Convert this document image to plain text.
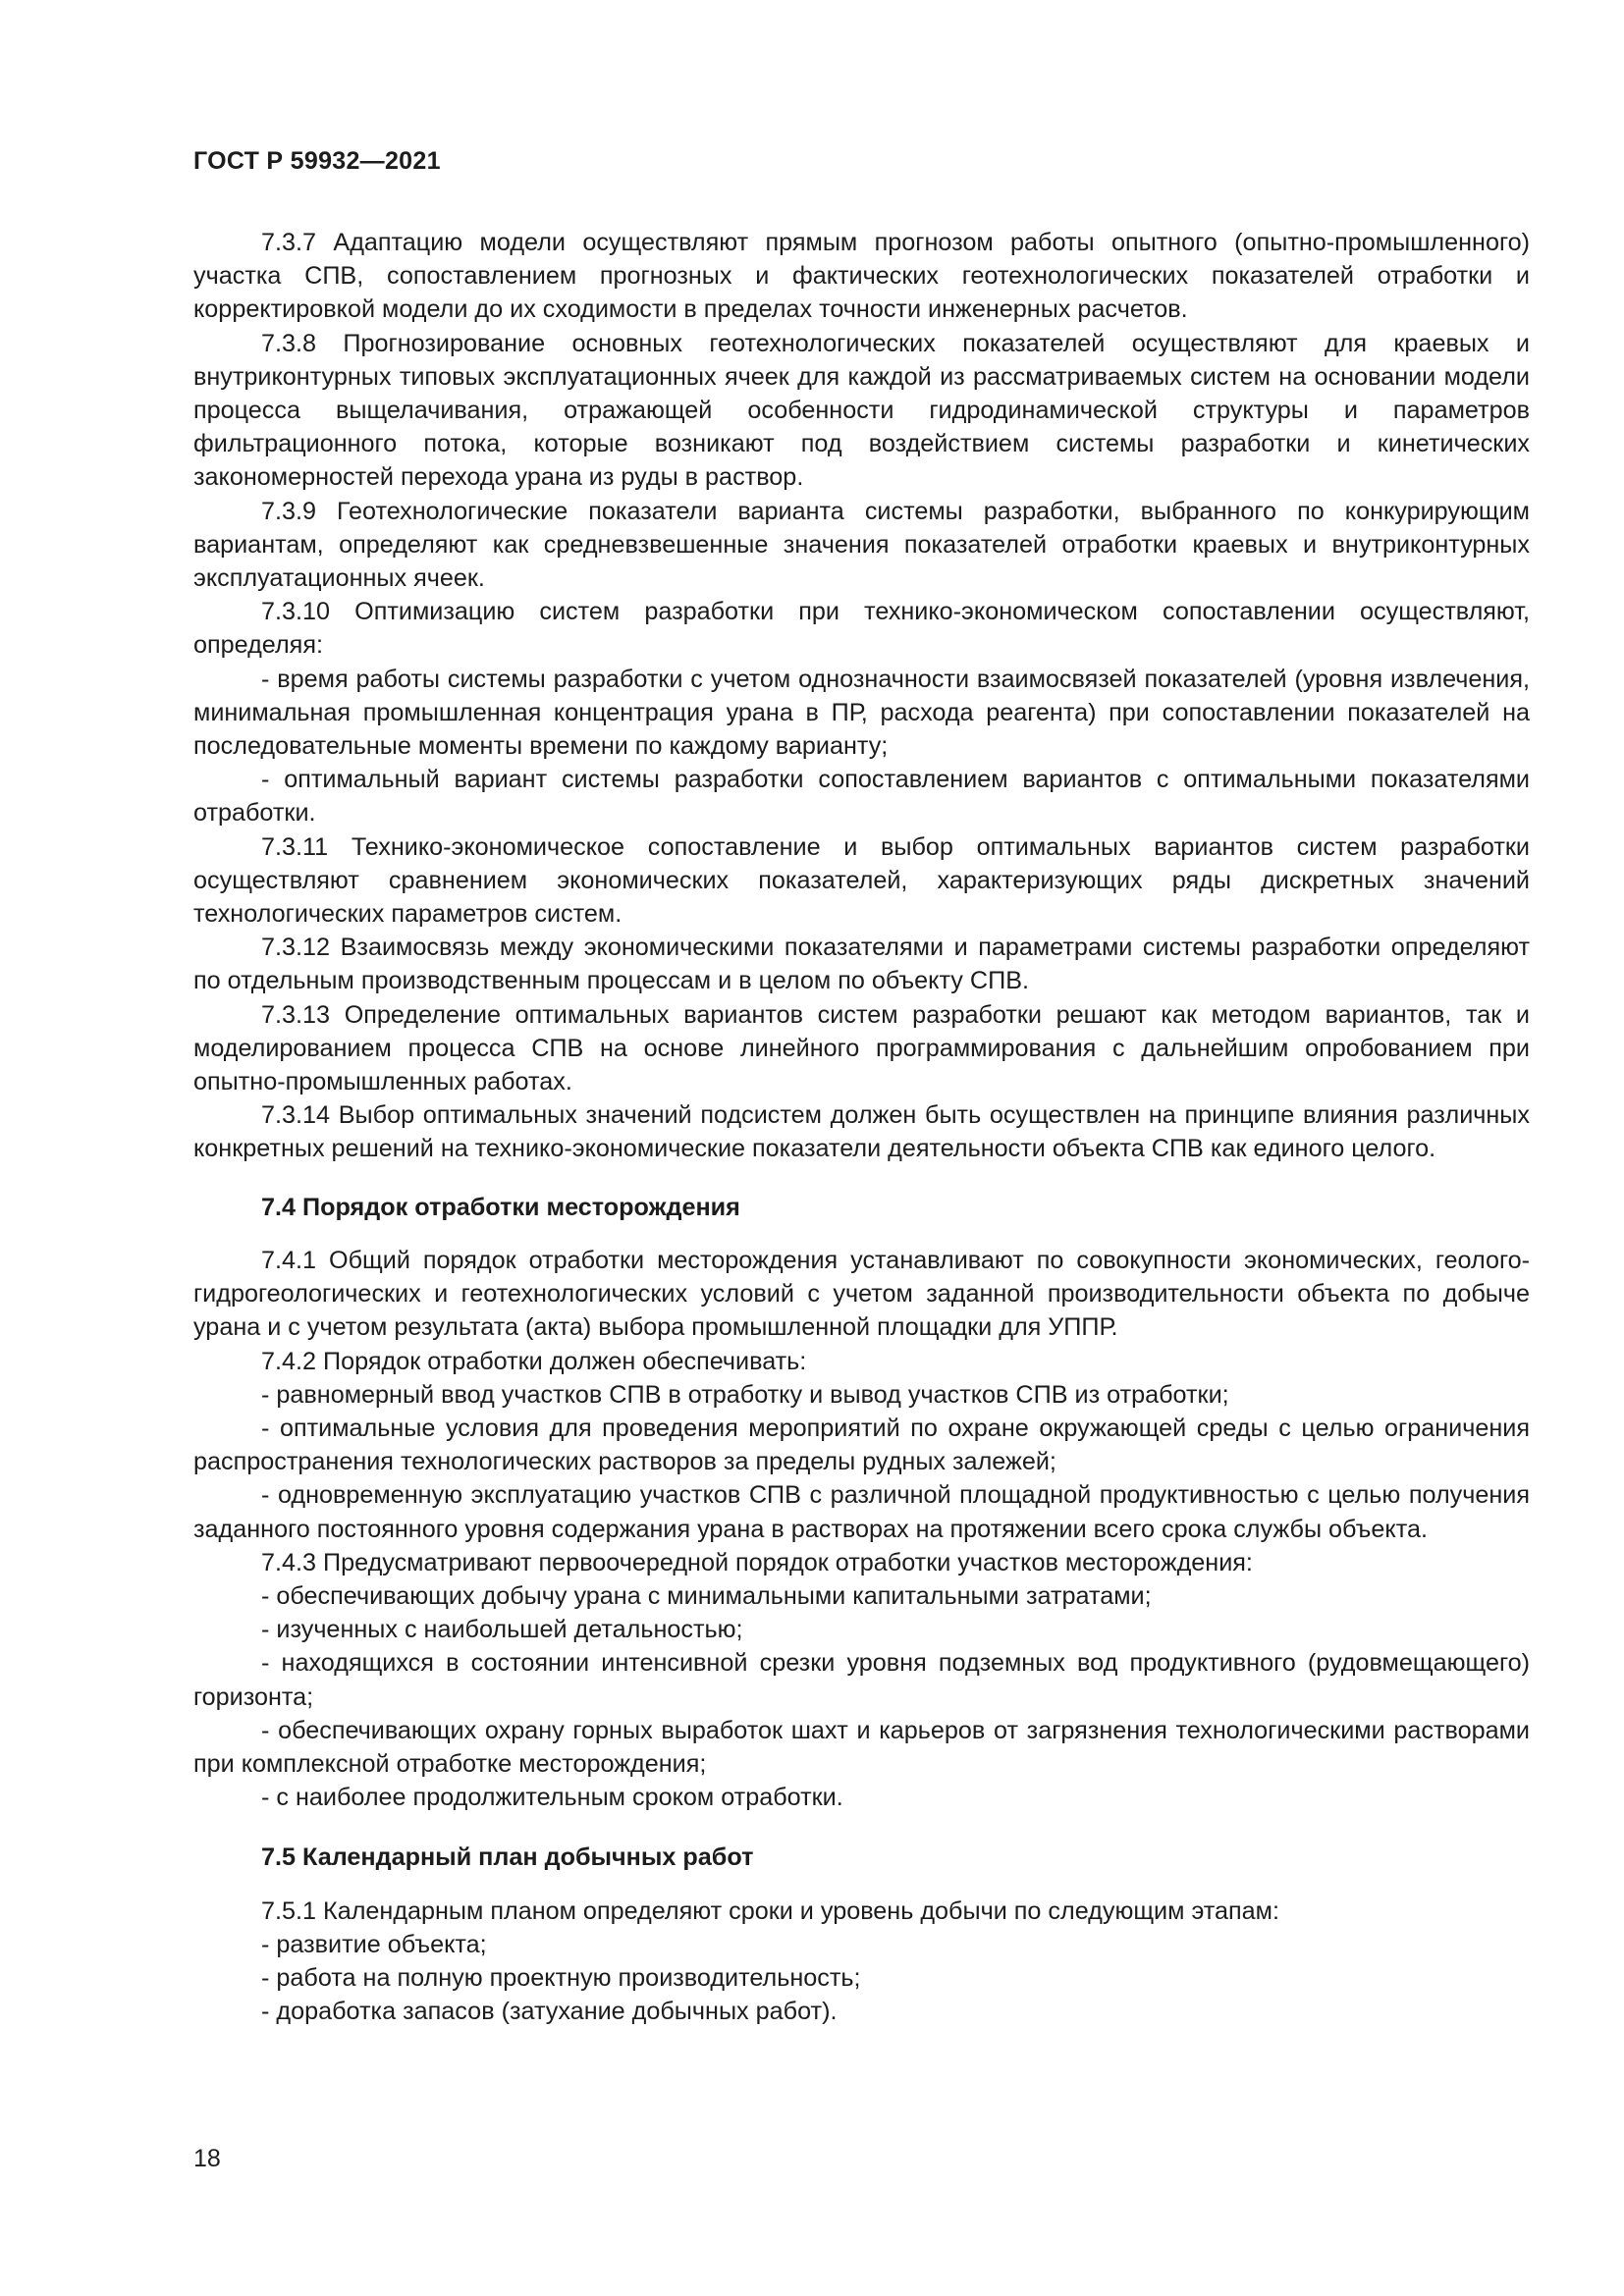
ГОСТ Р 59932—2021

7.3.7 Адаптацию модели осуществляют прямым прогнозом работы опытного (опытно-промышленного) участка СПВ, сопоставлением прогнозных и фактических геотехнологических показателей отработки и корректировкой модели до их сходимости в пределах точности инженерных расчетов.

7.3.8 Прогнозирование основных геотехнологических показателей осуществляют для краевых и внутриконтурных типовых эксплуатационных ячеек для каждой из рассматриваемых систем на основании модели процесса выщелачивания, отражающей особенности гидродинамической структуры и параметров фильтрационного потока, которые возникают под воздействием системы разработки и кинетических закономерностей перехода урана из руды в раствор.

7.3.9 Геотехнологические показатели варианта системы разработки, выбранного по конкурирующим вариантам, определяют как средневзвешенные значения показателей отработки краевых и внутриконтурных эксплуатационных ячеек.

7.3.10 Оптимизацию систем разработки при технико-экономическом сопоставлении осуществляют, определяя:

- время работы системы разработки с учетом однозначности взаимосвязей показателей (уровня извлечения, минимальная промышленная концентрация урана в ПР, расхода реагента) при сопоставлении показателей на последовательные моменты времени по каждому варианту;

- оптимальный вариант системы разработки сопоставлением вариантов с оптимальными показателями отработки.

7.3.11 Технико-экономическое сопоставление и выбор оптимальных вариантов систем разработки осуществляют сравнением экономических показателей, характеризующих ряды дискретных значений технологических параметров систем.

7.3.12 Взаимосвязь между экономическими показателями и параметрами системы разработки определяют по отдельным производственным процессам и в целом по объекту СПВ.

7.3.13 Определение оптимальных вариантов систем разработки решают как методом вариантов, так и моделированием процесса СПВ на основе линейного программирования с дальнейшим опробованием при опытно-промышленных работах.

7.3.14 Выбор оптимальных значений подсистем должен быть осуществлен на принципе влияния различных конкретных решений на технико-экономические показатели деятельности объекта СПВ как единого целого.

7.4 Порядок отработки месторождения

7.4.1 Общий порядок отработки месторождения устанавливают по совокупности экономических, геолого-гидрогеологических и геотехнологических условий с учетом заданной производительности объекта по добыче урана и с учетом результата (акта) выбора промышленной площадки для УППР.

7.4.2 Порядок отработки должен обеспечивать:

- равномерный ввод участков СПВ в отработку и вывод участков СПВ из отработки;

- оптимальные условия для проведения мероприятий по охране окружающей среды с целью ограничения распространения технологических растворов за пределы рудных залежей;

- одновременную эксплуатацию участков СПВ с различной площадной продуктивностью с целью получения заданного постоянного уровня содержания урана в растворах на протяжении всего срока службы объекта.

7.4.3 Предусматривают первоочередной порядок отработки участков месторождения:

- обеспечивающих добычу урана с минимальными капитальными затратами;

- изученных с наибольшей детальностью;

- находящихся в состоянии интенсивной срезки уровня подземных вод продуктивного (рудовмещающего) горизонта;

- обеспечивающих охрану горных выработок шахт и карьеров от загрязнения технологическими растворами при комплексной отработке месторождения;

- с наиболее продолжительным сроком отработки.

7.5 Календарный план добычных работ

7.5.1 Календарным планом определяют сроки и уровень добычи по следующим этапам:

- развитие объекта;

- работа на полную проектную производительность;

- доработка запасов (затухание добычных работ).

18
